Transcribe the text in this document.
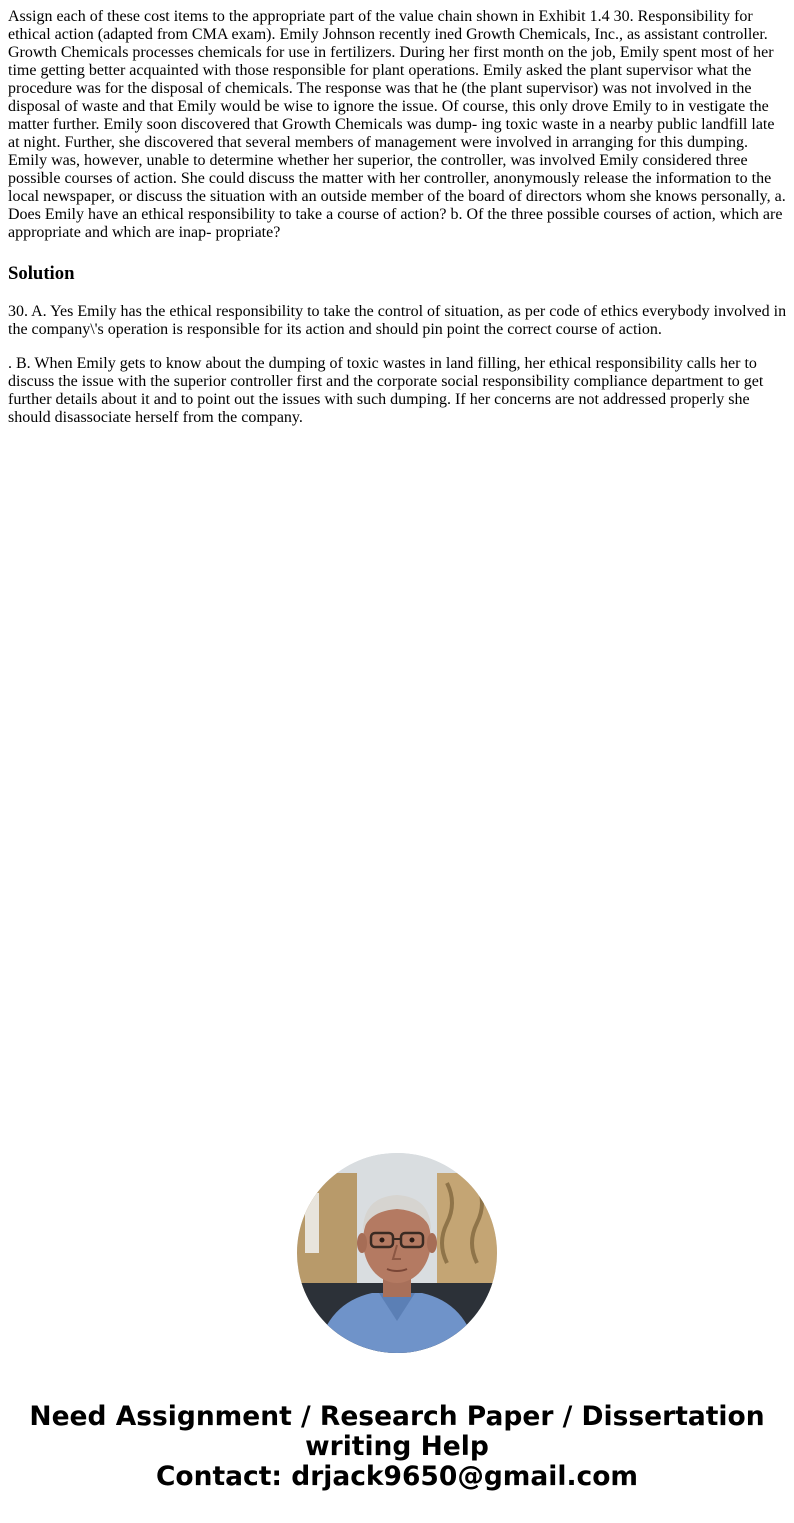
Assign each of these cost items to the appropriate part of the value chain shown in Exhibit 1.4 30. Responsibility for ethical action (adapted from CMA exam). Emily Johnson recently ined Growth Chemicals, Inc., as assistant controller. Growth Chemicals processes chemicals for use in fertilizers. During her first month on the job, Emily spent most of her time getting better acquainted with those responsible for plant operations. Emily asked the plant supervisor what the procedure was for the disposal of chemicals. The response was that he (the plant supervisor) was not involved in the disposal of waste and that Emily would be wise to ignore the issue. Of course, this only drove Emily to in vestigate the matter further. Emily soon discovered that Growth Chemicals was dump- ing toxic waste in a nearby public landfill late at night. Further, she discovered that several members of management were involved in arranging for this dumping. Emily was, however, unable to determine whether her superior, the controller, was involved Emily considered three possible courses of action. She could discuss the matter with her controller, anonymously release the information to the local newspaper, or discuss the situation with an outside member of the board of directors whom she knows personally, a. Does Emily have an ethical responsibility to take a course of action? b. Of the three possible courses of action, which are appropriate and which are inap- propriate?

Solution

30. A. Yes Emily has the ethical responsibility to take the control of situation, as per code of ethics everybody involved in the company\'s operation is responsible for its action and should pin point the correct course of action.

. B. When Emily gets to know about the dumping of toxic wastes in land filling, her ethical responsibility calls her to discuss the issue with the superior controller first and the corporate social responsibility compliance department to get further details about it and to point out the issues with such dumping. If her concerns are not addressed properly she should disassociate herself from the company.

Need Assignment / Research Paper / Dissertation
writing Help
Contact: drjack9650@gmail.com
